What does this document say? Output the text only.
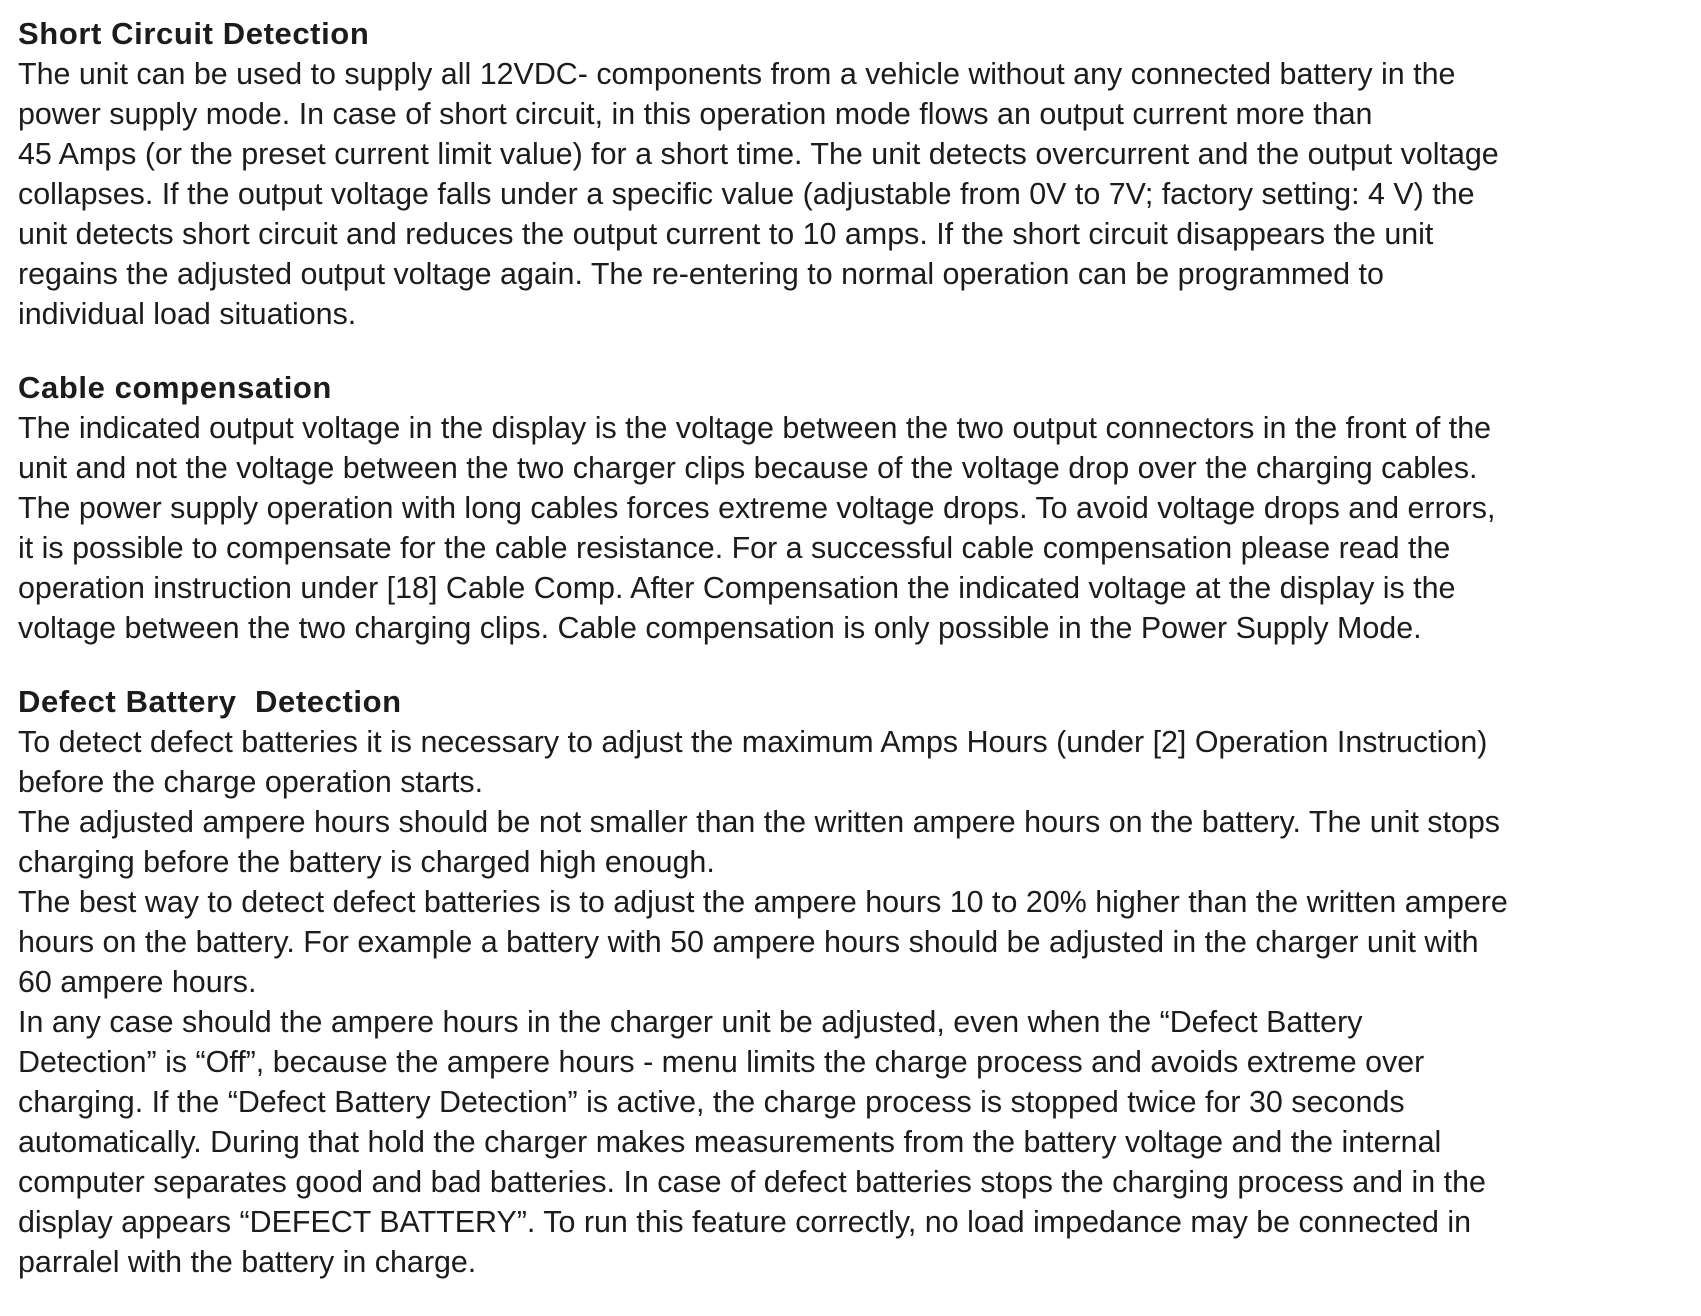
Short Circuit Detection
The unit can be used to supply all 12VDC- components from a vehicle without any connected battery in the
power supply mode. In case of short circuit, in this operation mode flows an output current more than
45 Amps (or the preset current limit value) for a short time. The unit detects overcurrent and the output voltage
collapses. If the output voltage falls under a specific value (adjustable from 0V to 7V; factory setting: 4 V) the
unit detects short circuit and reduces the output current to 10 amps. If the short circuit disappears the unit
regains the adjusted output voltage again. The re-entering to normal operation can be programmed to
individual load situations.
Cable compensation
The indicated output voltage in the display is the voltage between the two output connectors in the front of the
unit and not the voltage between the two charger clips because of the voltage drop over the charging cables.
The power supply operation with long cables forces extreme voltage drops. To avoid voltage drops and errors,
it is possible to compensate for the cable resistance. For a successful cable compensation please read the
operation instruction under [18] Cable Comp. After Compensation the indicated voltage at the display is the
voltage between the two charging clips. Cable compensation is only possible in the Power Supply Mode.
Defect Battery  Detection
To detect defect batteries it is necessary to adjust the maximum Amps Hours (under [2] Operation Instruction)
before the charge operation starts.
The adjusted ampere hours should be not smaller than the written ampere hours on the battery. The unit stops
charging before the battery is charged high enough.
The best way to detect defect batteries is to adjust the ampere hours 10 to 20% higher than the written ampere
hours on the battery. For example a battery with 50 ampere hours should be adjusted in the charger unit with
60 ampere hours.
In any case should the ampere hours in the charger unit be adjusted, even when the “Defect Battery
Detection” is “Off”, because the ampere hours - menu limits the charge process and avoids extreme over
charging. If the “Defect Battery Detection” is active, the charge process is stopped twice for 30 seconds
automatically. During that hold the charger makes measurements from the battery voltage and the internal
computer separates good and bad batteries. In case of defect batteries stops the charging process and in the
display appears “DEFECT BATTERY”. To run this feature correctly, no load impedance may be connected in
parralel with the battery in charge.
